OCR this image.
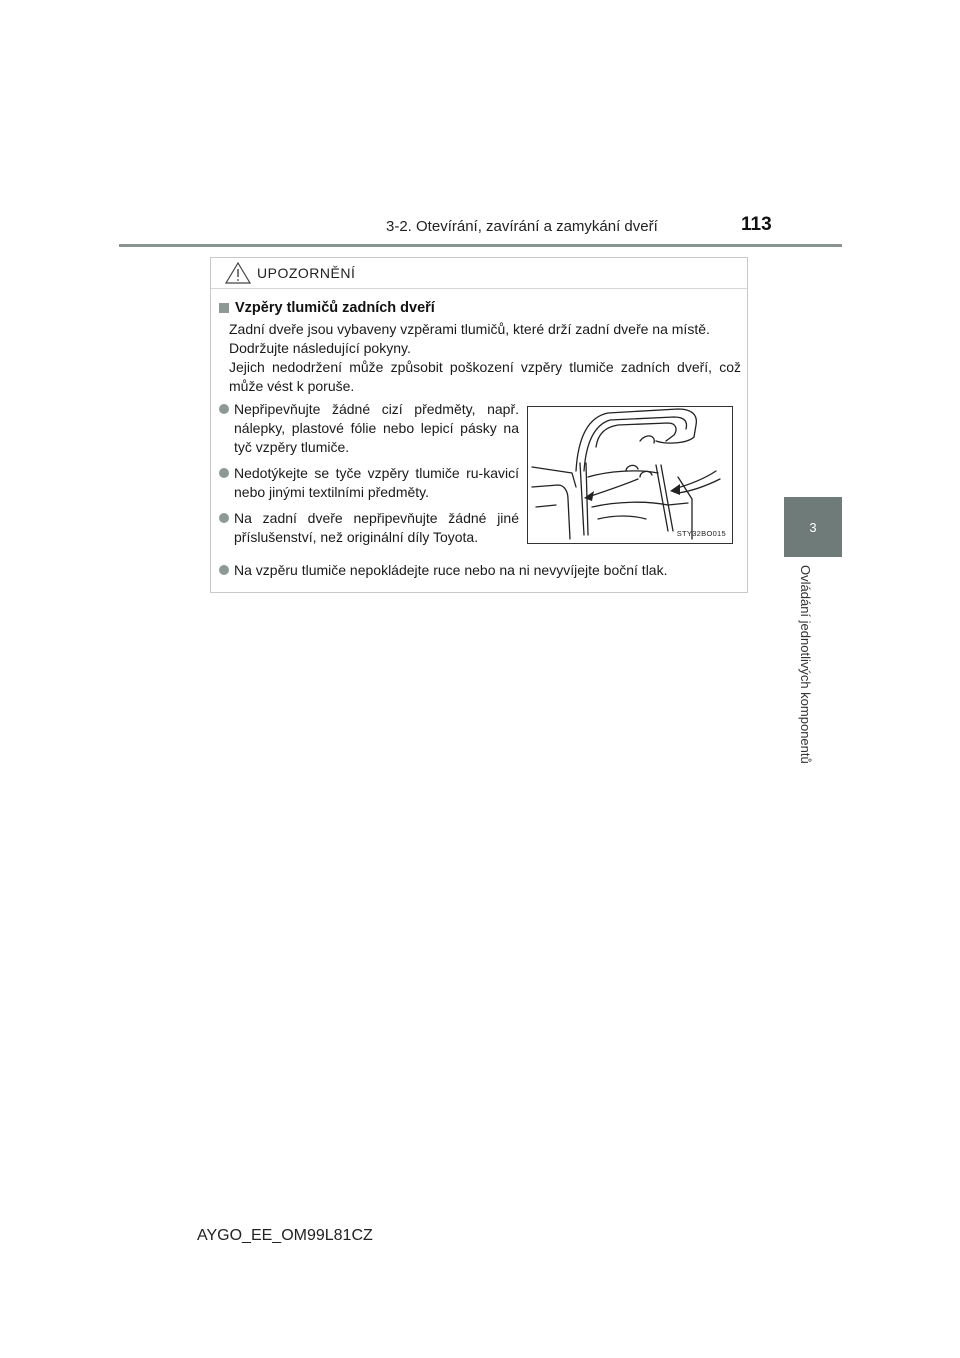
3-2. Otevírání, zavírání a zamykání dveří	113
3
Ovládání jednotlivých komponentů
UPOZORNĚNÍ
Vzpěry tlumičů zadních dveří

Zadní dveře jsou vybaveny vzpěrami tlumičů, které drží zadní dveře na místě.

Dodržujte následující pokyny.

Jejich nedodržení může způsobit poškození vzpěry tlumiče zadních dveří, což může vést k poruše.

Nepřipevňujte žádné cizí předměty, např. nálepky, plastové fólie nebo lepicí pásky na tyč vzpěry tlumiče.
Nedotýkejte se tyče vzpěry tlumiče ru-kavicí nebo jinými textilními předměty.
Na zadní dveře nepřipevňujte žádné jiné příslušenství, než originální díly Toyota.	STY32BO015
Na vzpěru tlumiče nepokládejte ruce nebo na ni nevyvíjejte boční tlak.
AYGO_EE_OM99L81CZ
